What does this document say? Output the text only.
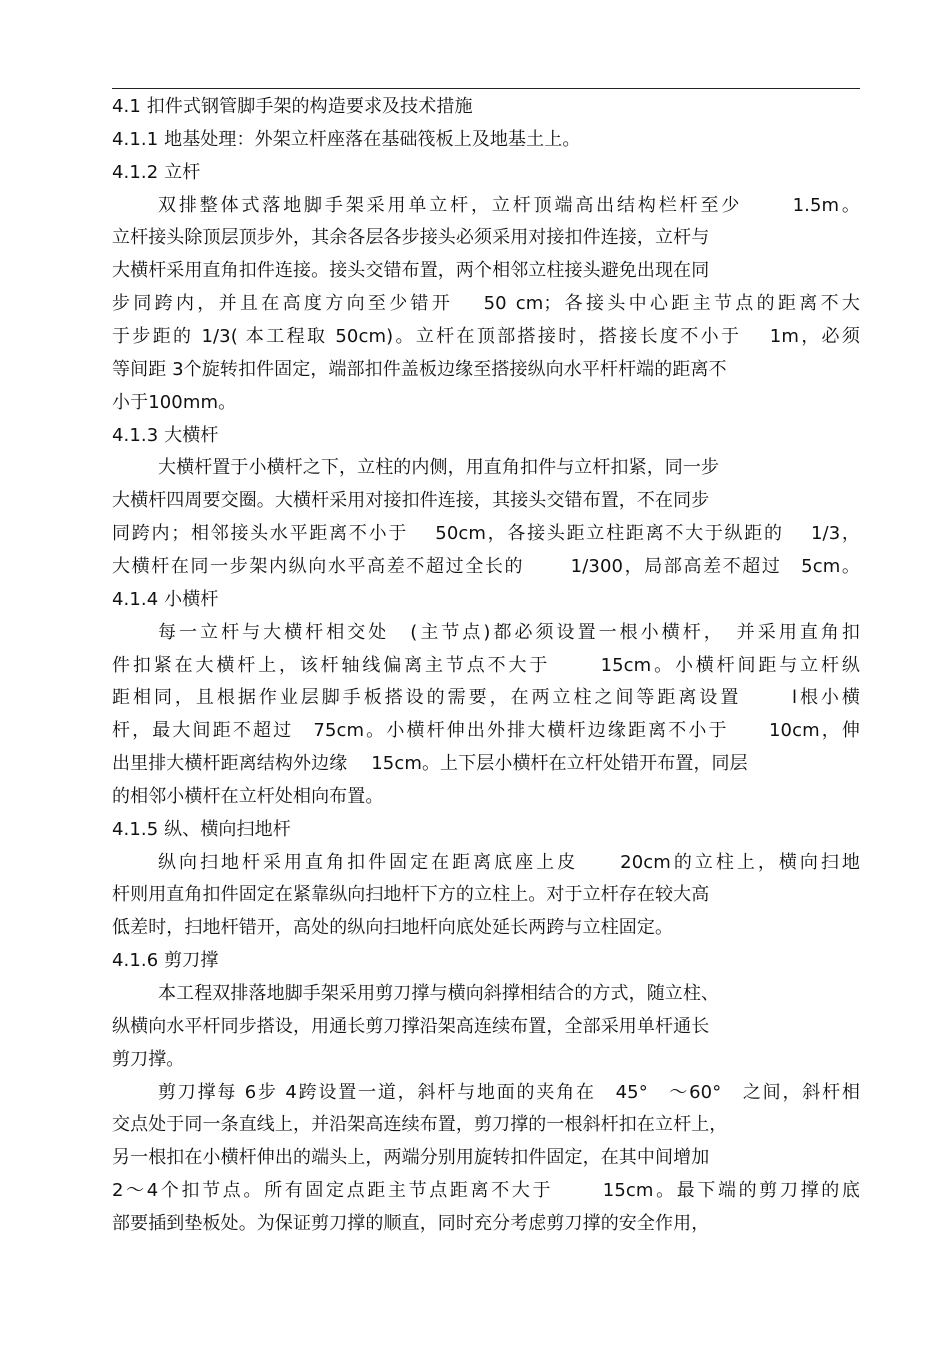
4.1 扣件式钢管脚手架的构造要求及技术措施
4.1.1 地基处理：外架立杆座落在基础筏板上及地基土上。
4.1.2 立杆
双排整体式落地脚手架采用单立杆，立杆顶端高出结构栏杆至少　　 1.5m。
立杆接头除顶层顶步外，其余各层各步接头必须采用对接扣件连接，立杆与
大横杆采用直角扣件连接。接头交错布置，两个相邻立柱接头避免出现在同
步同跨内，并且在高度方向至少错开　 50 cm；各接头中心距主节点的距离不大
于步距的 1/3( 本工程取 50cm)。立杆在顶部搭接时，搭接长度不小于　 1m，必须
等间距 3个旋转扣件固定，端部扣件盖板边缘至搭接纵向水平杆杆端的距离不
小于100mm。
4.1.3 大横杆
大横杆置于小横杆之下，立柱的内侧，用直角扣件与立杆扣紧，同一步
大横杆四周要交圈。大横杆采用对接扣件连接，其接头交错布置，不在同步
同跨内；相邻接头水平距离不小于　 50cm，各接头距立柱距离不大于纵距的　 1/3，
大横杆在同一步架内纵向水平高差不超过全长的　　 1/300，局部高差不超过　5cm。
4.1.4 小横杆
每一立杆与大横杆相交处　(主节点)都必须设置一根小横杆，　并采用直角扣
件扣紧在大横杆上，该杆轴线偏离主节点不大于　　 15cm。小横杆间距与立杆纵
距相同，且根据作业层脚手板搭设的需要，在两立柱之间等距离设置　　 l根小横
杆，最大间距不超过　75cm。小横杆伸出外排大横杆边缘距离不小于　　10cm，伸
出里排大横杆距离结构外边缘　 15cm。上下层小横杆在立杆处错开布置，同层
的相邻小横杆在立杆处相向布置。
4.1.5 纵、横向扫地杆
纵向扫地杆采用直角扣件固定在距离底座上皮　　20cm的立柱上，横向扫地
杆则用直角扣件固定在紧靠纵向扫地杆下方的立柱上。对于立杆存在较大高
低差时，扫地杆错开，高处的纵向扫地杆向底处延长两跨与立柱固定。
4.1.6 剪刀撑
本工程双排落地脚手架采用剪刀撑与横向斜撑相结合的方式，随立柱、
纵横向水平杆同步搭设，用通长剪刀撑沿架高连续布置，全部采用单杆通长
剪刀撑。
剪刀撑每 6步 4跨设置一道，斜杆与地面的夹角在　45°　～60°　之间，斜杆相
交点处于同一条直线上，并沿架高连续布置，剪刀撑的一根斜杆扣在立杆上，
另一根扣在小横杆伸出的端头上，两端分别用旋转扣件固定，在其中间增加
2～4个扣节点。所有固定点距主节点距离不大于　　 15cm。最下端的剪刀撑的底
部要插到垫板处。为保证剪刀撑的顺直，同时充分考虑剪刀撑的安全作用，
